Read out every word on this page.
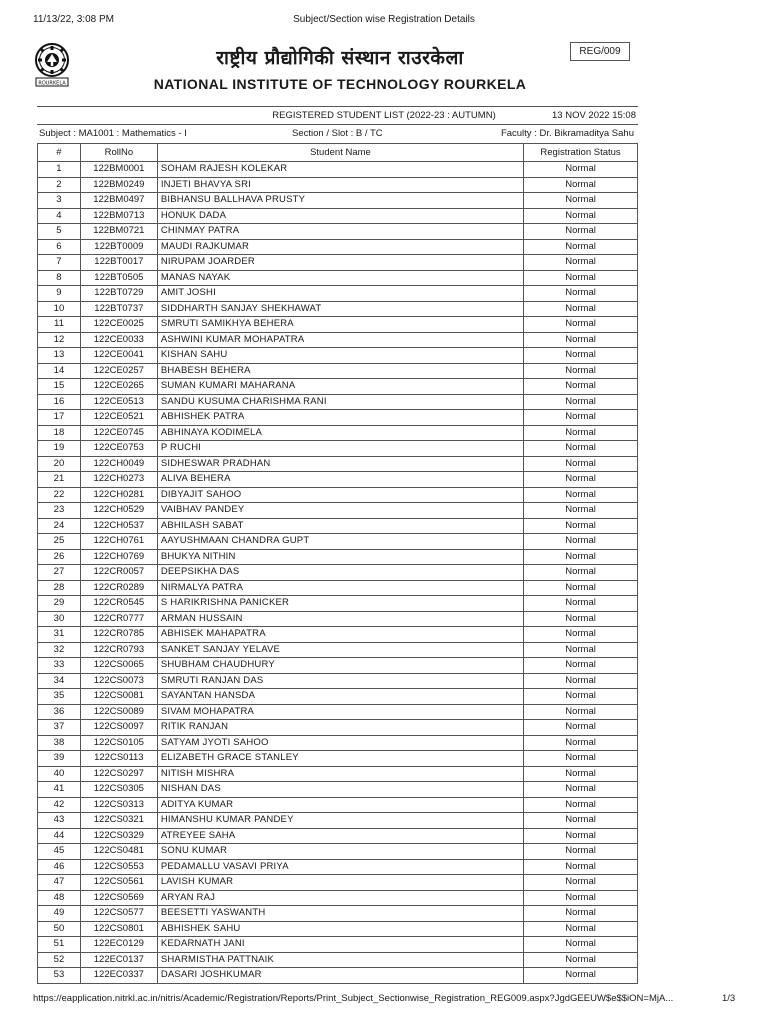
11/13/22, 3:08 PM	Subject/Section wise Registration Details
ROURKELA
राष्ट्रीय प्रौद्योगिकी संस्थान राउरकेला
NATIONAL INSTITUTE OF TECHNOLOGY ROURKELA
REG/009
REGISTERED STUDENT LIST (2022-23 : AUTUMN)	13 NOV 2022 15:08
Subject : MA1001 : Mathematics - I	Section / Slot : B / TC	Faculty : Dr. Bikramaditya Sahu
#	RollNo	Student Name	Registration Status
1	122BM0001	SOHAM RAJESH KOLEKAR	Normal
2	122BM0249	INJETI BHAVYA SRI	Normal
3	122BM0497	BIBHANSU BALLHAVA PRUSTY	Normal
4	122BM0713	HONUK DADA	Normal
5	122BM0721	CHINMAY PATRA	Normal
6	122BT0009	MAUDI RAJKUMAR	Normal
7	122BT0017	NIRUPAM JOARDER	Normal
8	122BT0505	MANAS NAYAK	Normal
9	122BT0729	AMIT JOSHI	Normal
10	122BT0737	SIDDHARTH SANJAY SHEKHAWAT	Normal
11	122CE0025	SMRUTI SAMIKHYA BEHERA	Normal
12	122CE0033	ASHWINI KUMAR MOHAPATRA	Normal
13	122CE0041	KISHAN SAHU	Normal
14	122CE0257	BHABESH BEHERA	Normal
15	122CE0265	SUMAN KUMARI MAHARANA	Normal
16	122CE0513	SANDU KUSUMA CHARISHMA RANI	Normal
17	122CE0521	ABHISHEK PATRA	Normal
18	122CE0745	ABHINAYA KODIMELA	Normal
19	122CE0753	P RUCHI	Normal
20	122CH0049	SIDHESWAR PRADHAN	Normal
21	122CH0273	ALIVA BEHERA	Normal
22	122CH0281	DIBYAJIT SAHOO	Normal
23	122CH0529	VAIBHAV PANDEY	Normal
24	122CH0537	ABHILASH SABAT	Normal
25	122CH0761	AAYUSHMAAN CHANDRA GUPT	Normal
26	122CH0769	BHUKYA NITHIN	Normal
27	122CR0057	DEEPSIKHA DAS	Normal
28	122CR0289	NIRMALYA PATRA	Normal
29	122CR0545	S HARIKRISHNA PANICKER	Normal
30	122CR0777	ARMAN HUSSAIN	Normal
31	122CR0785	ABHISEK MAHAPATRA	Normal
32	122CR0793	SANKET SANJAY YELAVE	Normal
33	122CS0065	SHUBHAM CHAUDHURY	Normal
34	122CS0073	SMRUTI RANJAN DAS	Normal
35	122CS0081	SAYANTAN HANSDA	Normal
36	122CS0089	SIVAM MOHAPATRA	Normal
37	122CS0097	RITIK RANJAN	Normal
38	122CS0105	SATYAM JYOTI SAHOO	Normal
39	122CS0113	ELIZABETH GRACE STANLEY	Normal
40	122CS0297	NITISH MISHRA	Normal
41	122CS0305	NISHAN DAS	Normal
42	122CS0313	ADITYA KUMAR	Normal
43	122CS0321	HIMANSHU KUMAR PANDEY	Normal
44	122CS0329	ATREYEE SAHA	Normal
45	122CS0481	SONU KUMAR	Normal
46	122CS0553	PEDAMALLU VASAVI PRIYA	Normal
47	122CS0561	LAVISH KUMAR	Normal
48	122CS0569	ARYAN RAJ	Normal
49	122CS0577	BEESETTI YASWANTH	Normal
50	122CS0801	ABHISHEK SAHU	Normal
51	122EC0129	KEDARNATH JANI	Normal
52	122EC0137	SHARMISTHA PATTNAIK	Normal
53	122EC0337	DASARI JOSHKUMAR	Normal
https://eapplication.nitrkl.ac.in/nitris/Academic/Registration/Reports/Print_Subject_Sectionwise_Registration_REG009.aspx?JgdGEEUW$e$$iON=MjA...	1/3
